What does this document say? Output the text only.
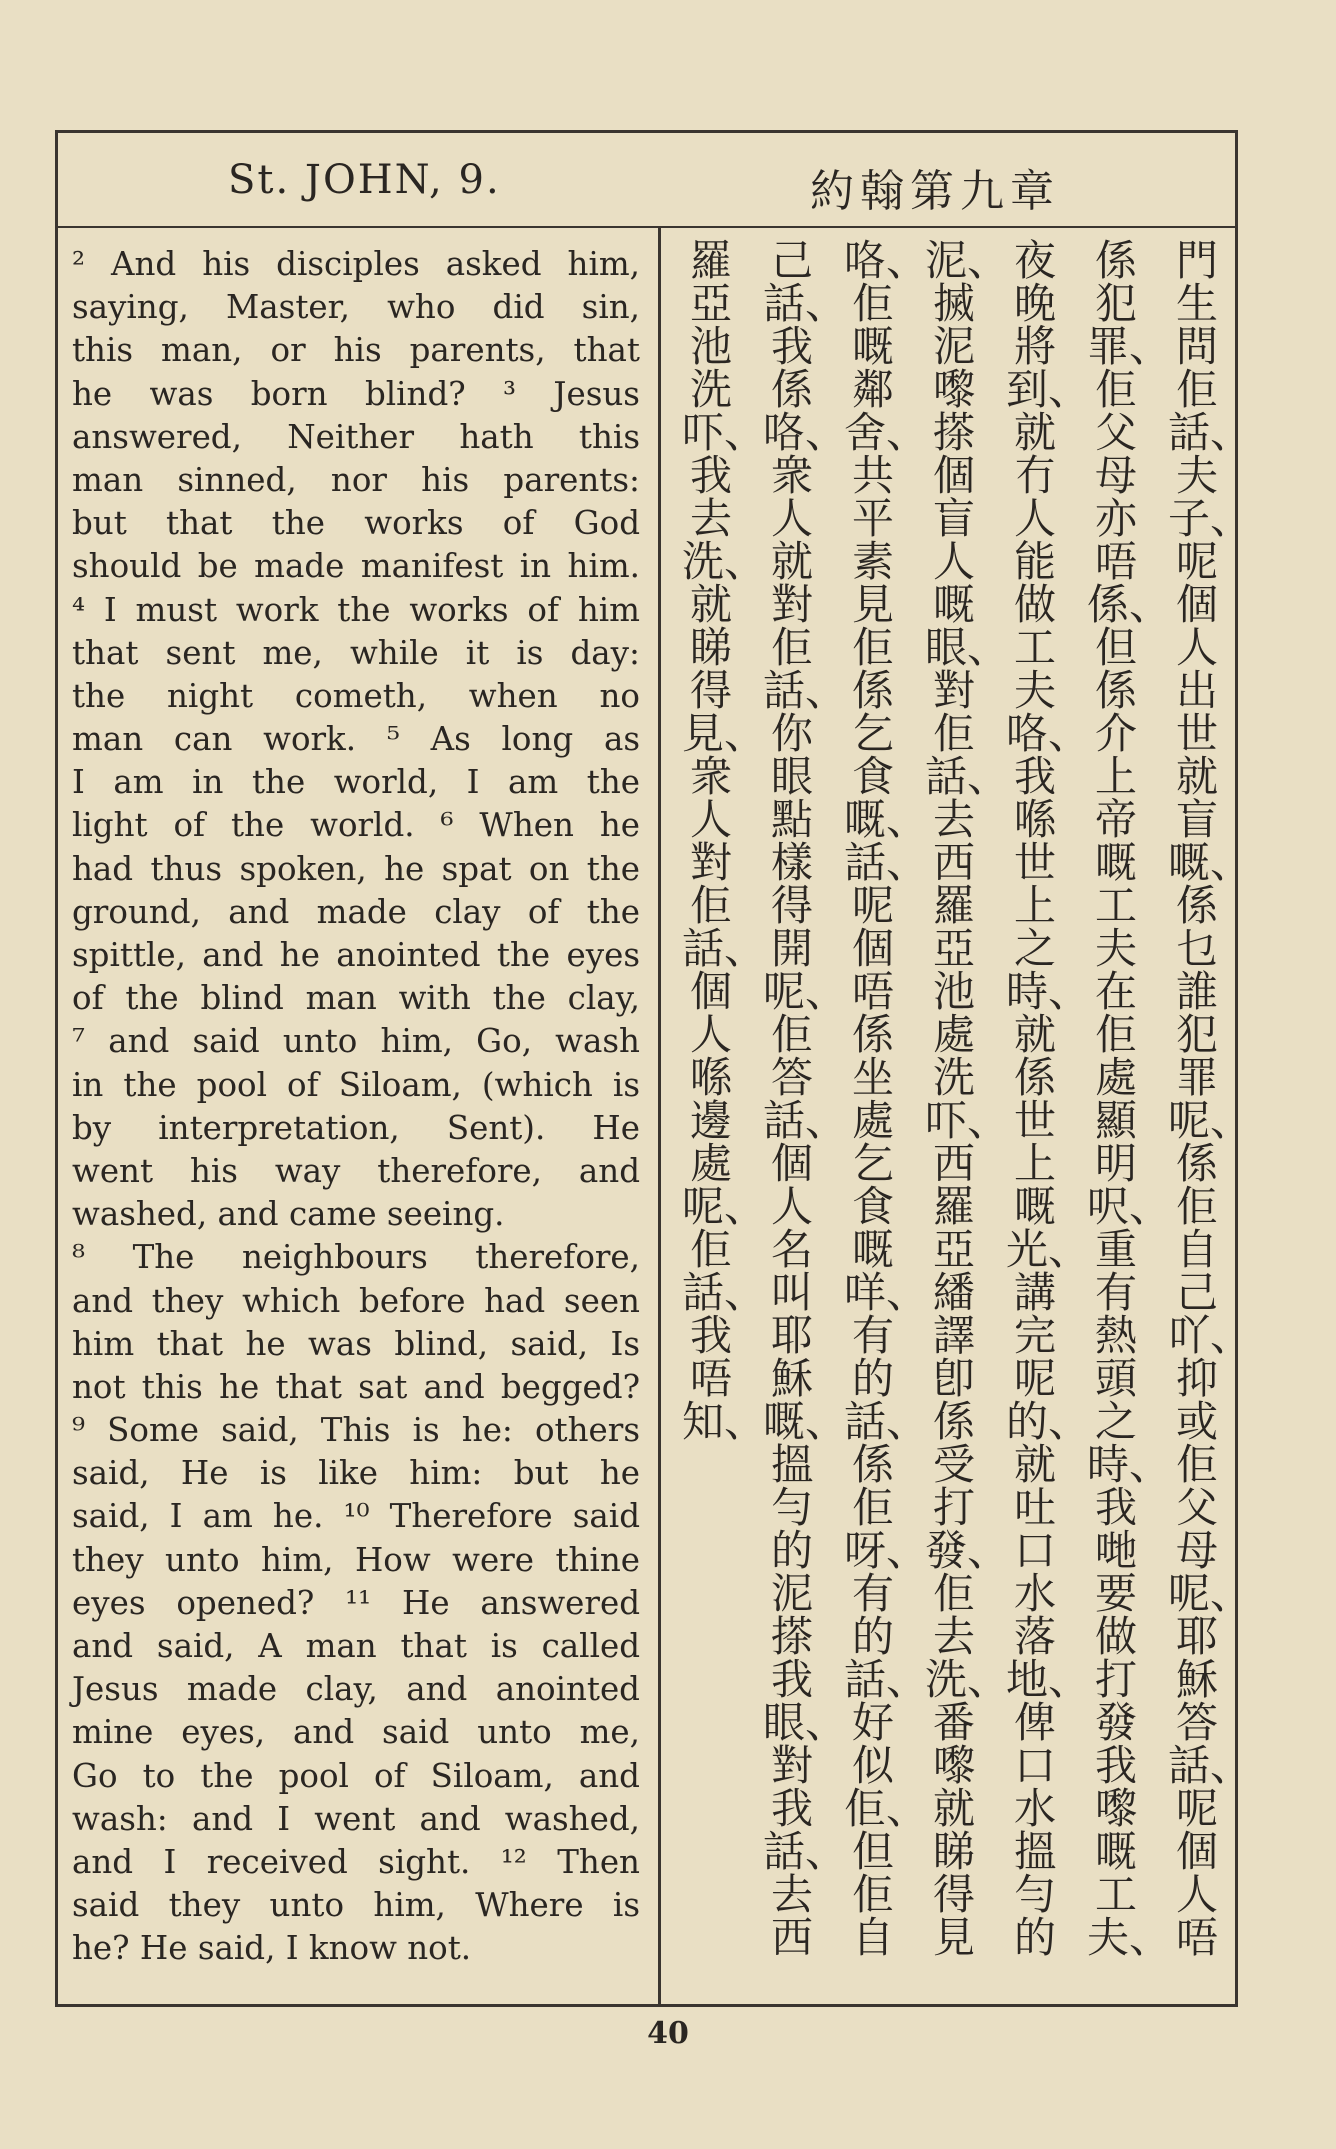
St. JOHN, 9.	約翰第九章
² And his disciples asked him,
saying, Master, who did sin,
this man, or his parents, that
he was born blind? ³ Jesus
answered, Neither hath this
man sinned, nor his parents:
but that the works of God
should be made manifest in him.
⁴ I must work the works of him
that sent me, while it is day:
the night cometh, when no
man can work. ⁵ As long as
I am in the world, I am the
light of the world. ⁶ When he
had thus spoken, he spat on the
ground, and made clay of the
spittle, and he anointed the eyes
of the blind man with the clay,
⁷ and said unto him, Go, wash
in the pool of Siloam, (which is
by interpretation, Sent). He
went his way therefore, and
washed, and came seeing.
⁸ The neighbours therefore,
and they which before had seen
him that he was blind, said, Is
not this he that sat and begged?
⁹ Some said, This is he: others
said, He is like him: but he
said, I am he. ¹⁰ Therefore said
they unto him, How were thine
eyes opened? ¹¹ He answered
and said, A man that is called
Jesus made clay, and anointed
mine eyes, and said unto me,
Go to the pool of Siloam, and
wash: and I went and washed,
and I received sight. ¹² Then
said they unto him, Where is
he? He said, I know not.
門生問佢話、夫子、呢個人出世就盲嘅、係乜誰犯罪呢、係佢自己吖、抑或佢父母呢、耶穌答話、呢個人唔
係犯罪、佢父母亦唔係、但係介上帝嘅工夫在佢處顯明呎、重有熱頭之時、我哋要做打發我嚟嘅工夫、
夜晚將到、就冇人能做工夫咯、我喺世上之時、就係世上嘅光、講完呢的、就吐口水落地、俾口水搵勻的
泥、搣泥嚟搽個盲人嘅眼、對佢話、去西羅亞池處洗吓、西羅亞繙譯卽係受打發、佢去洗、番嚟就睇得見
咯、佢嘅鄰舍、共平素見佢係乞食嘅、話、呢個唔係坐處乞食嘅咩、有的話、係佢呀、有的話、好似佢、但佢自
己話、我係咯、衆人就對佢話、你眼點樣得開呢、佢答話、個人名叫耶穌嘅、搵勻的泥搽我眼、對我話、去西
羅亞池洗吓、我去洗、就睇得見、衆人對佢話、個人喺邊處呢、佢話、我唔知、
40
